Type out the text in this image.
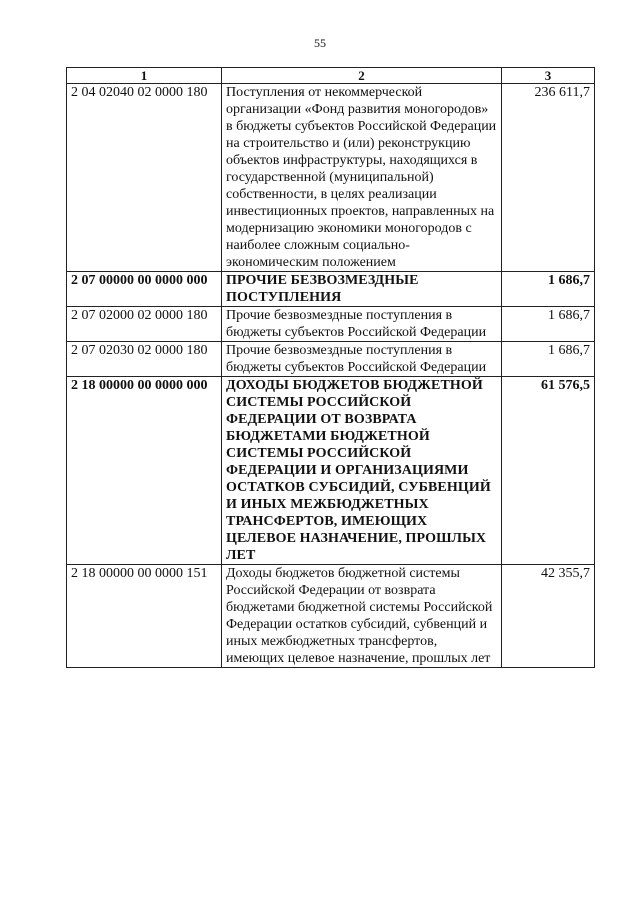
55
1	2	3
2 04 02040 02 0000 180	Поступления от некоммерческой организации «Фонд развития моногородов» в бюджеты субъектов Российской Федерации на строительство и (или) реконструкцию объектов инфраструктуры, находящихся в государственной (муниципальной) собственности, в целях реализации инвестиционных проектов, направленных на модернизацию экономики моногородов с наиболее сложным социально-экономическим положением	236 611,7
2 07 00000 00 0000 000	ПРОЧИЕ БЕЗВОЗМЕЗДНЫЕ ПОСТУПЛЕНИЯ	1 686,7
2 07 02000 02 0000 180	Прочие безвозмездные поступления в бюджеты субъектов Российской Федерации	1 686,7
2 07 02030 02 0000 180	Прочие безвозмездные поступления в бюджеты субъектов Российской Федерации	1 686,7
2 18 00000 00 0000 000	ДОХОДЫ БЮДЖЕТОВ БЮДЖЕТНОЙ СИСТЕМЫ РОССИЙСКОЙ ФЕДЕРАЦИИ ОТ ВОЗВРАТА БЮДЖЕТАМИ БЮДЖЕТНОЙ СИСТЕМЫ РОССИЙСКОЙ ФЕДЕРАЦИИ И ОРГАНИЗАЦИЯМИ ОСТАТКОВ СУБСИДИЙ, СУБВЕНЦИЙ И ИНЫХ МЕЖБЮДЖЕТНЫХ ТРАНСФЕРТОВ, ИМЕЮЩИХ ЦЕЛЕВОЕ НАЗНАЧЕНИЕ, ПРОШЛЫХ ЛЕТ	61 576,5
2 18 00000 00 0000 151	Доходы бюджетов бюджетной системы Российской Федерации от возврата бюджетами бюджетной системы Российской Федерации остатков субсидий, субвенций и иных межбюджетных трансфертов, имеющих целевое назначение, прошлых лет	42 355,7
